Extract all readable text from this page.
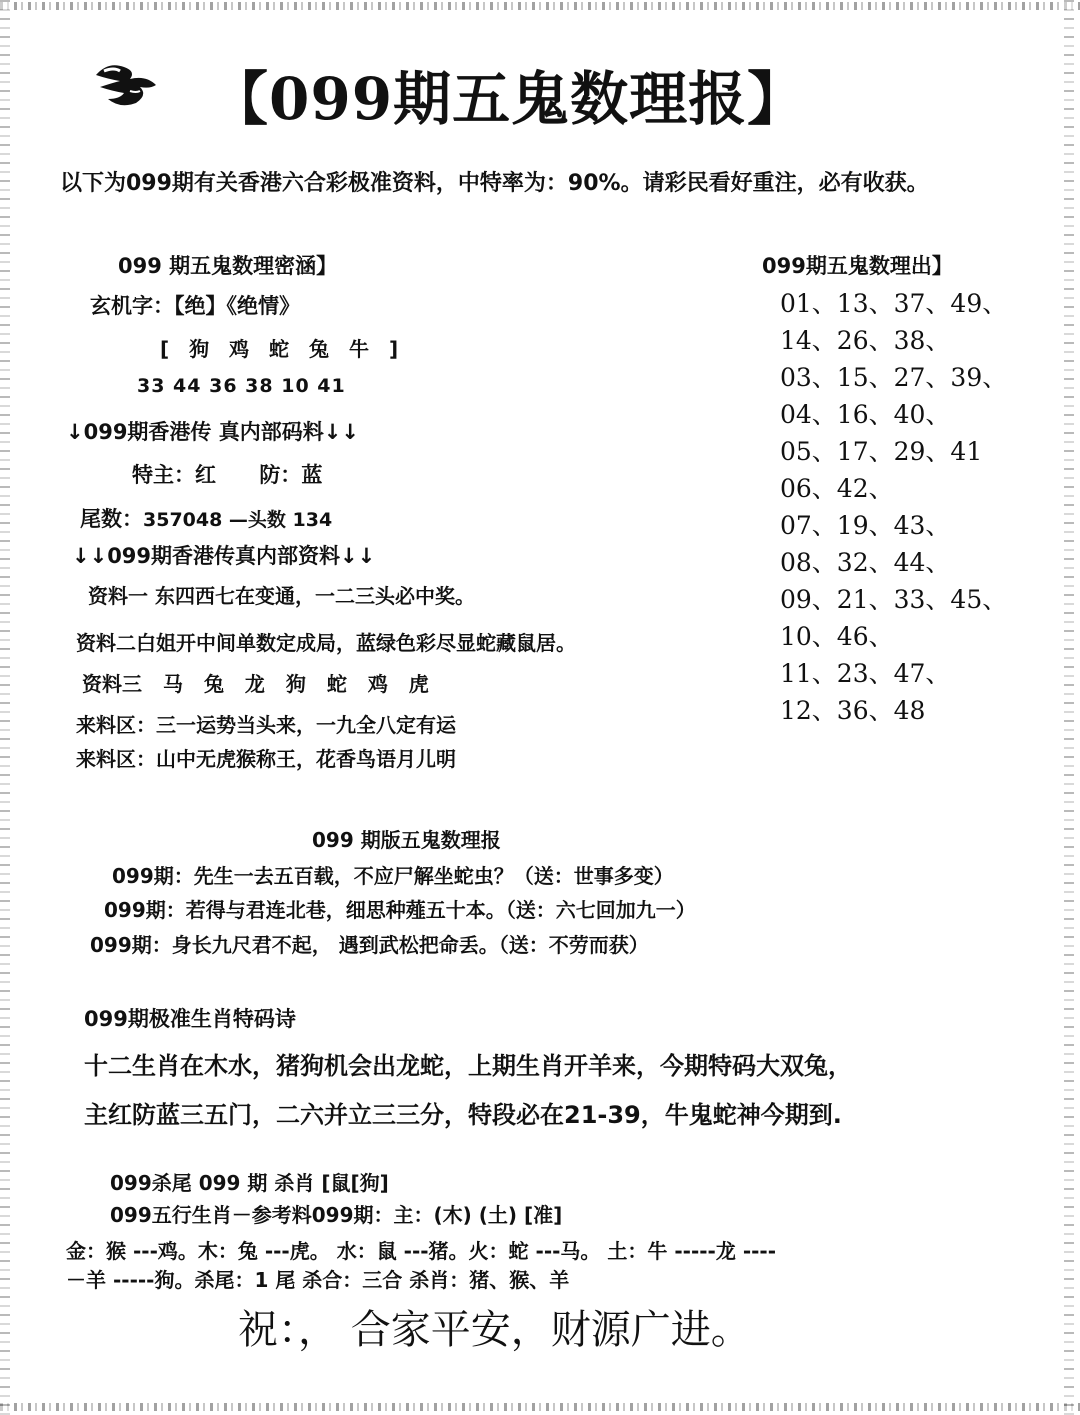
【099期五鬼数理报】
以下为099期有关香港六合彩极准资料，中特率为：90%。请彩民看好重注，必有收获。
099 期五鬼数理密涵】
玄机字：【绝】《绝情》
[ 狗 鸡 蛇 兔 牛 ]
33 44 36 38 10 41
↓099期香港传 真内部码料↓↓
特主：红 防：蓝
尾数：357048 —头数 134
↓↓099期香港传真内部资料↓↓
资料一 东四西七在变通，一二三头必中奖。
资料二白姐开中间单数定成局，蓝绿色彩尽显蛇藏鼠居。
资料三 马 兔 龙 狗 蛇 鸡 虎
来料区：三一运势当头来，一九全八定有运
来料区：山中无虎猴称王，花香鸟语月儿明
099期五鬼数理出】
01、13、37、49、
14、26、38、
03、15、27、39、
04、16、40、
05、17、29、41
06、42、
07、19、43、
08、32、44、
09、21、33、45、
10、46、
11、23、47、
12、36、48
099 期版五鬼数理报
099期：先生一去五百载，不应尸解坐蛇虫？（送：世事多变）
099期：若得与君连北巷，细思种薤五十本。（送：六七回加九一）
099期：身长九尺君不起， 遇到武松把命丢。（送：不劳而获）
099期极准生肖特码诗
十二生肖在木水，猪狗机会出龙蛇，上期生肖开羊来，今期特码大双兔，
主红防蓝三五门，二六并立三三分，特段必在21-39，牛鬼蛇神今期到.
099杀尾 099 期 杀肖 [鼠[狗]
099五行生肖－参考料099期：主：(木) (土) [准]
金：猴 ---鸡。木：兔 ---虎。 水：鼠 ---猪。火：蛇 ---马。 土：牛 -----龙 ----
－羊 -----狗。杀尾：1 尾 杀合：三合 杀肖：猪、猴、羊
祝：， 合家平安，财源广进。
